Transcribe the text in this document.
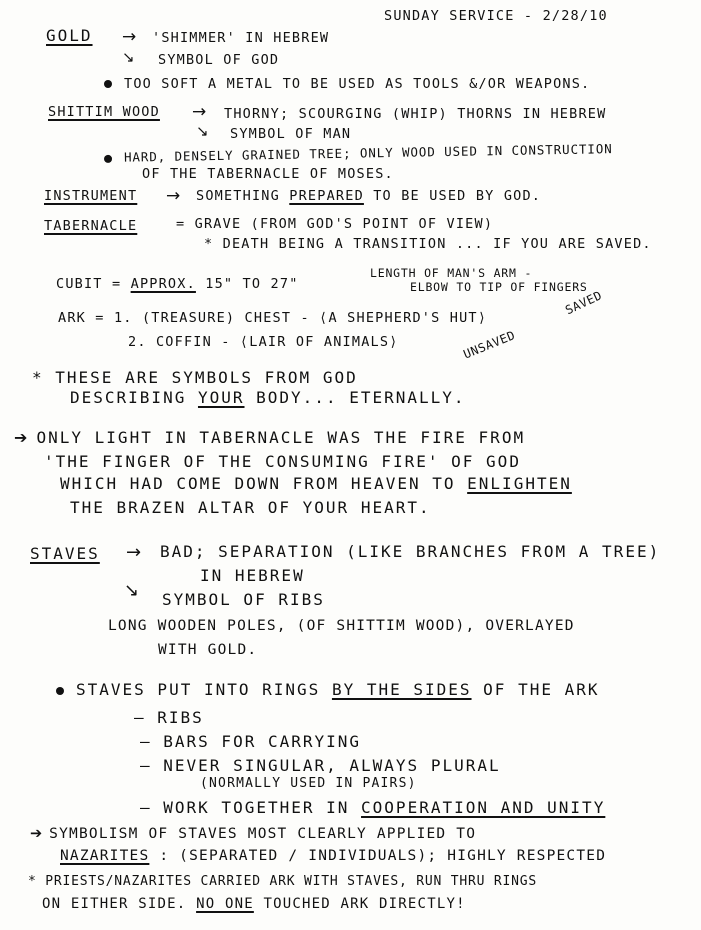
SUNDAY SERVICE - 2/28/10
GOLD → 'SHIMMER' IN HEBREW
↘ SYMBOL OF GOD
TOO SOFT A METAL TO BE USED AS TOOLS &/OR WEAPONS.
SHITTIM WOOD → THORNY; SCOURGING (WHIP) THORNS IN HEBREW
↘ SYMBOL OF MAN
HARD, DENSELY GRAINED TREE; ONLY WOOD USED IN CONSTRUCTION
OF THE TABERNACLE OF MOSES.
INSTRUMENT → SOMETHING PREPARED TO BE USED BY GOD.
TABERNACLE	= GRAVE (FROM GOD'S POINT OF VIEW)
* DEATH BEING A TRANSITION ... IF YOU ARE SAVED.
CUBIT = APPROX. 15" TO 27"
LENGTH OF MAN'S ARM -
ELBOW TO TIP OF FINGERS
ARK = 1. (TREASURE) CHEST - ⟨A SHEPHERD'S HUT⟩
2. COFFIN - ⟨LAIR OF ANIMALS⟩
SAVED
UNSAVED
* THESE ARE SYMBOLS FROM GOD
DESCRIBING YOUR BODY... ETERNALLY.
➔ ONLY LIGHT IN TABERNACLE WAS THE FIRE FROM
'THE FINGER OF THE CONSUMING FIRE' OF GOD
WHICH HAD COME DOWN FROM HEAVEN TO ENLIGHTEN
THE BRAZEN ALTAR OF YOUR HEART.
STAVES → BAD; SEPARATION (LIKE BRANCHES FROM A TREE)
IN HEBREW
↘ SYMBOL OF RIBS
LONG WOODEN POLES, (OF SHITTIM WOOD), OVERLAYED
WITH GOLD.
STAVES PUT INTO RINGS BY THE SIDES OF THE ARK
— RIBS
— BARS FOR CARRYING
— NEVER SINGULAR, ALWAYS PLURAL
(NORMALLY USED IN PAIRS)
— WORK TOGETHER IN COOPERATION AND UNITY
➔ SYMBOLISM OF STAVES MOST CLEARLY APPLIED TO
NAZARITES : (SEPARATED / INDIVIDUALS); HIGHLY RESPECTED
* PRIESTS/NAZARITES CARRIED ARK WITH STAVES, RUN THRU RINGS
ON EITHER SIDE. NO ONE TOUCHED ARK DIRECTLY!
